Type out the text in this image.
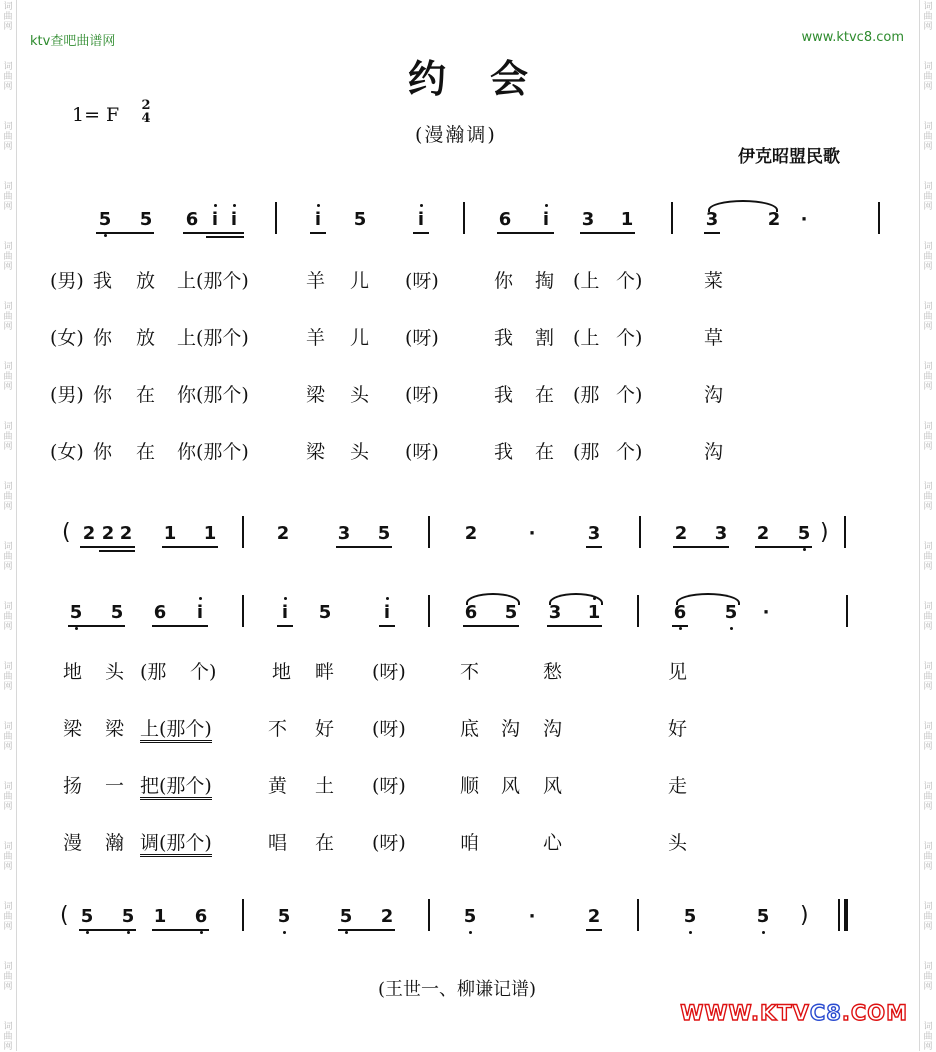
词
曲
网
词
曲
网
词
曲
网
词
曲
网
词
曲
网
词
曲
网
词
曲
网
词
曲
网
词
曲
网
词
曲
网
词
曲
网
词
曲
网
词
曲
网
词
曲
网
词
曲
网
词
曲
网
词
曲
网
词
曲
网
词
曲
网
词
曲
网
词
曲
网
词
曲
网
词
曲
网
词
曲
网
词
曲
网
词
曲
网
词
曲
网
词
曲
网
词
曲
网
词
曲
网
词
曲
网
词
曲
网
词
曲
网
词
曲
网
词
曲
网
词
曲
网
ktv查吧曲谱网	www.ktvc8.com
约会
1= F 2
4
(漫瀚调)
伊克昭盟民歌
5 5 6 i i	i	5	i	6	i	3 1	3	2	·
(男) 我 放 上(那个)	羊 儿 (呀)	你 掏 (上 个)	菜
(女) 你 放 上(那个)	羊 儿 (呀)	我 割 (上 个)	草
(男) 你 在 你(那个)	梁 头 (呀)	我 在 (那 个)	沟
(女) 你 在 你(那个)	梁 头 (呀)	我 在 (那 个)	沟
( 2 2 2 1 1	2	3 5	2	·	3	2 3 2 5 )
5 5 6	i	i	5	i	6 5 3 1	6 5	·
地 头 (那 个)	地 畔 (呀)	不	愁	见
梁 梁 上(那个)	不 好 (呀)	底 沟 沟	好
扬 一 把(那个)	黄 土 (呀)	顺 风 风	走
漫 瀚 调(那个)	唱 在 (呀)	咱	心	头
( 5 5 1 6	5	5 2	5	·	2	5	5 )
(王世一、柳谦记谱)
WWW.KTVC8.COM
